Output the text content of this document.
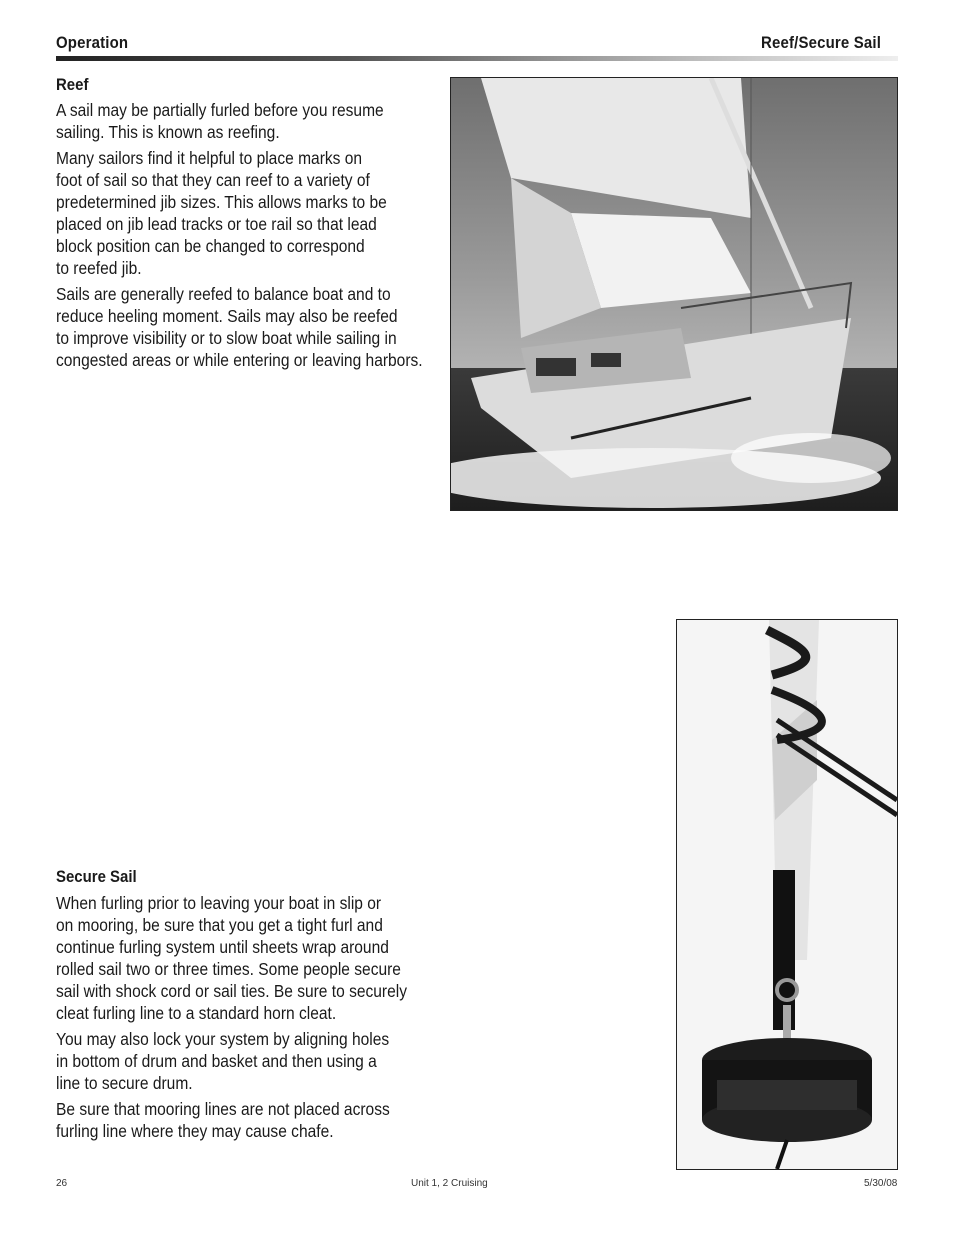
Operation	Reef/Secure Sail
Reef
A sail may be partially furled before you resume
sailing. This is known as reefing.
Many sailors find it helpful to place marks on
foot of sail so that they can reef to a variety of
predetermined jib sizes. This allows marks to be
placed on jib lead tracks or toe rail so that lead
block position can be changed to correspond
to reefed jib.
Sails are generally reefed to balance boat and to
reduce heeling moment. Sails may also be reefed
to improve visibility or to slow boat while sailing in
congested areas or while entering or leaving harbors.
Secure Sail
When furling prior to leaving your boat in slip or
on mooring, be sure that you get a tight furl and
continue furling system until sheets wrap around
rolled sail two or three times. Some people secure
sail with shock cord or sail ties. Be sure to securely
cleat furling line to a standard horn cleat.
You may also lock your system by aligning holes
in bottom of drum and basket and then using a
line to secure drum.
Be sure that mooring lines are not placed across
furling line where they may cause chafe.
26	Unit 1, 2 Cruising	5/30/08
